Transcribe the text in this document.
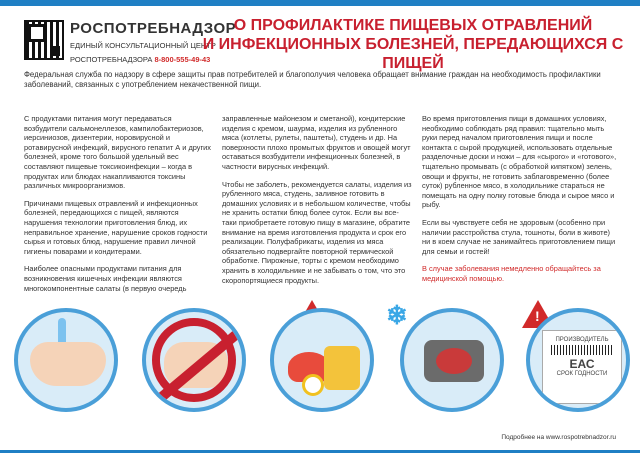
РОСПОТРЕБНАДЗОР
ЕДИНЫЙ КОНСУЛЬТАЦИОННЫЙ ЦЕНТР
РОСПОТРЕБНАДЗОРА 8-800-555-49-43
О ПРОФИЛАКТИКЕ ПИЩЕВЫХ ОТРАВЛЕНИЙ
И ИНФЕКЦИОННЫХ БОЛЕЗНЕЙ, ПЕРЕДАЮЩИХСЯ С ПИЩЕЙ
Федеральная служба по надзору в сфере защиты прав потребителей и благополучия человека обращает внимание граждан на необходимость профилактики заболеваний, связанных с употреблением некачественной пищи.

С продуктами питания могут передаваться возбудители сальмонеллезов, кампилобактериозов, иерсиниозов, дизентерии, норовирусной и ротавирусной инфекций, вирусного гепатит А и других болезней, кроме того большой удельный вес составляют пищевые токсикоинфекции – когда в продуктах или блюдах накапливаются токсины различных микроорганизмов.

Причинами пищевых отравлений и инфекционных болезней, передающихся с пищей, являются нарушения технологии приготовления блюд, их неправильное хранение, нарушение сроков годности сырья и готовых блюд, нарушение правил личной гигиены поварами и кондитерами.

Наиболее опасными продуктами питания для возникновения кишечных инфекции являются многокомпонентные салаты (в первую очередь

заправленные майонезом и сметаной), кондитерские изделия с кремом, шаурма, изделия из рубленного мяса (котлеты, рулеты, паштеты), студень и др. На поверхности плохо промытых фруктов и овощей могут оставаться возбудители инфекционных болезней, в частности вирусных инфекций.

Чтобы не заболеть, рекомендуется салаты, изделия из рубленного мяса, студень, заливное готовить в домашних условиях и в небольшом количестве, чтобы не хранить остатки блюд более суток. Если вы все-таки приобретаете готовую пищу в магазине, обратите внимание на время изготовления продукта и срок его реализации. Полуфабрикаты, изделия из мяса обязательно подвергайте повторной термической обработке. Пирожные, торты с кремом необходимо хранить в холодильнике и не забывать о том, что это скоропортящиеся продукты.

Во время приготовления пищи в домашних условиях, необходимо соблюдать ряд правил: тщательно мыть руки перед началом приготовления пищи и после контакта с сырой продукцией, использовать отдельные разделочные доски и ножи – для «сырого» и «готового», тщательно промывать (с обработкой кипятком) зелень, овощи и фрукты, не готовить заблаговременно (более суток) рубленное мясо, в холодильнике стараться не помещать на одну полку готовые блюда и сырое мясо и рыбу.

Если вы чувствуете себя не здоровым (особенно при наличии расстройства стула, тошноты, боли в животе) ни в коем случае не занимайтесь приготовлением пищи для семьи и гостей!

В случае заболевания немедленно обращайтесь за медицинской помощью.

❄	!
ПРОИЗВОДИТЕЛЬ
ЕАС
СРОК ГОДНОСТИ
Подробнее на www.rospotrebnadzor.ru
